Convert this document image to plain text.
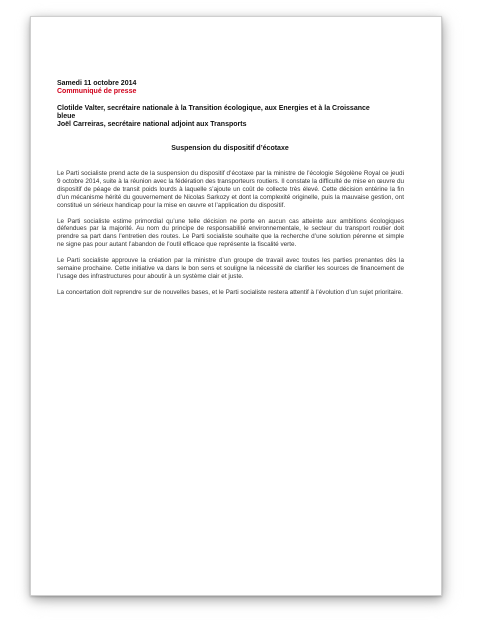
Samedi 11 octobre 2014
Communiqué de presse
Clotilde Valter, secrétaire nationale à la Transition écologique, aux Energies et à la Croissance bleue
Joël Carreiras, secrétaire national adjoint aux Transports
Suspension du dispositif d’écotaxe

Le Parti socialiste prend acte de la suspension du dispositif d’écotaxe par la ministre de l’écologie Ségolène Royal ce jeudi 9 octobre 2014, suite à la réunion avec la fédération des transporteurs routiers. Il constate la difficulté de mise en œuvre du dispositif de péage de transit poids lourds à laquelle s’ajoute un coût de collecte très élevé. Cette décision entérine la fin d’un mécanisme hérité du gouvernement de Nicolas Sarkozy et dont la complexité originelle, puis la mauvaise gestion, ont constitué un sérieux handicap pour la mise en œuvre et l’application du dispositif.

Le Parti socialiste estime primordial qu’une telle décision ne porte en aucun cas atteinte aux ambitions écologiques défendues par la majorité. Au nom du principe de responsabilité environnementale, le secteur du transport routier doit prendre sa part dans l’entretien des routes. Le Parti socialiste souhaite que la recherche d’une solution pérenne et simple ne signe pas pour autant l’abandon de l’outil efficace que représente la fiscalité verte.

Le Parti socialiste approuve la création par la ministre d’un groupe de travail avec toutes les parties prenantes dès la semaine prochaine. Cette initiative va dans le bon sens et souligne la nécessité de clarifier les sources de financement de l’usage des infrastructures pour aboutir à un système clair et juste.

La concertation doit reprendre sur de nouvelles bases, et le Parti socialiste restera attentif à l’évolution d’un sujet prioritaire.
